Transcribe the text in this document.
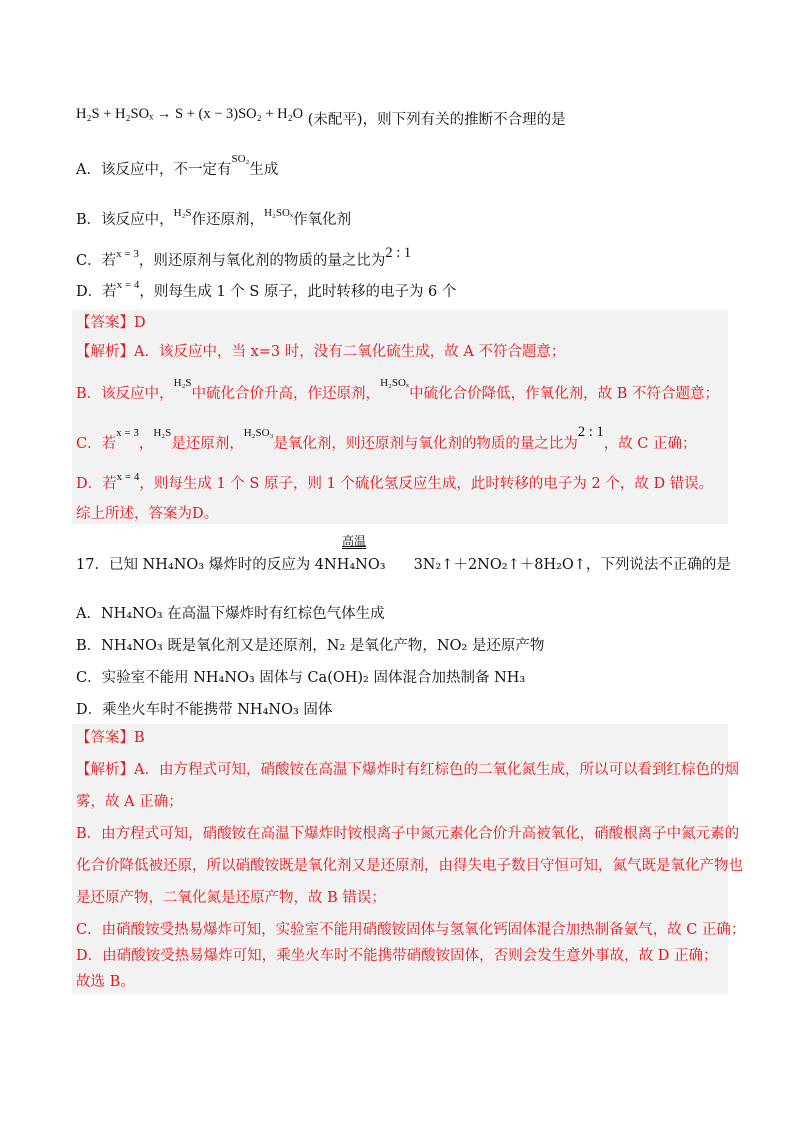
H₂S + H₂SOₓ → S + (x − 3)SO₂ + H₂O (未配平)，则下列有关的推断不合理的是
A．该反应中，不一定有$^{SO_2}$生成
B．该反应中，$^{H_2S}$作还原剂，$^{H_2SO_x}$作氧化剂
C．若$^{x = 3}$，则还原剂与氧化剂的物质的量之比为2 : 1
D．若$^{x = 4}$，则每生成 1 个 S 原子，此时转移的电子为 6 个
【答案】D
【解析】A．该反应中，当 x=3 时，没有二氧化硫生成，故 A 不符合题意；
B．该反应中，$^{H_2S}$中硫化合价升高，作还原剂，$^{H_2SO_x}$中硫化合价降低，作氧化剂，故 B 不符合题意；
C．若$^{x = 3}$，$^{H_2S}$是还原剂，$^{H_2SO_3}$是氧化剂，则还原剂与氧化剂的物质的量之比为2 : 1，故 C 正确；
D．若$^{x = 4}$，则每生成 1 个 S 原子，则 1 个硫化氢反应生成，此时转移的电子为 2 个，故 D 错误。
综上所述，答案为D。
高温
17．已知 NH₄NO₃ 爆炸时的反应为 4NH₄NO₃ 3N₂↑＋2NO₂↑＋8H₂O↑，下列说法不正确的是
A．NH₄NO₃ 在高温下爆炸时有红棕色气体生成
B．NH₄NO₃ 既是氧化剂又是还原剂，N₂ 是氧化产物，NO₂ 是还原产物
C．实验室不能用 NH₄NO₃ 固体与 Ca(OH)₂ 固体混合加热制备 NH₃
D．乘坐火车时不能携带 NH₄NO₃ 固体
【答案】B
【解析】A．由方程式可知，硝酸铵在高温下爆炸时有红棕色的二氧化氮生成，所以可以看到红棕色的烟
雾，故 A 正确；
B．由方程式可知，硝酸铵在高温下爆炸时铵根离子中氮元素化合价升高被氧化，硝酸根离子中氮元素的
化合价降低被还原，所以硝酸铵既是氧化剂又是还原剂，由得失电子数目守恒可知，氮气既是氧化产物也
是还原产物，二氧化氮是还原产物，故 B 错误；
C．由硝酸铵受热易爆炸可知，实验室不能用硝酸铵固体与氢氧化钙固体混合加热制备氨气，故 C 正确；
D．由硝酸铵受热易爆炸可知，乘坐火车时不能携带硝酸铵固体，否则会发生意外事故，故 D 正确；
故选 B。
